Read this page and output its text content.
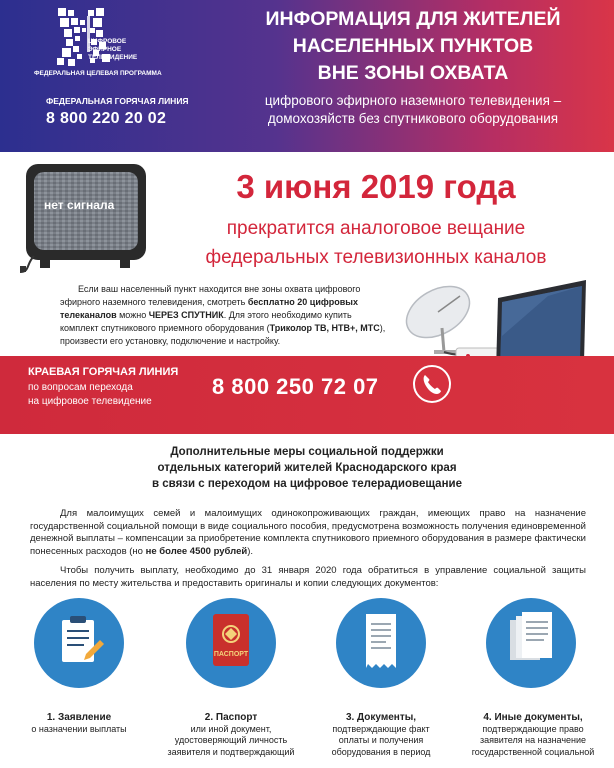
ЦИФРОВОЕ
ЭФИРНОЕ
ТЕЛЕВИДЕНИЕ
ФЕДЕРАЛЬНАЯ ЦЕЛЕВАЯ ПРОГРАММА
ФЕДЕРАЛЬНАЯ ГОРЯЧАЯ ЛИНИЯ
8 800 220 20 02
ИНФОРМАЦИЯ ДЛЯ ЖИТЕЛЕЙ
НАСЕЛЕННЫХ ПУНКТОВ
ВНЕ ЗОНЫ ОХВАТА
цифрового эфирного наземного телевидения –
домохозяйств без спутникового оборудования
нет сигнала	3 июня 2019 года
прекратится аналоговое вещание
федеральных телевизионных каналов
Если ваш населенный пункт находится вне зоны охвата цифрового эфирного наземного телевидения, смотреть бесплатно 20 цифровых телеканалов можно ЧЕРЕЗ СПУТНИК. Для этого необходимо купить комплект спутникового приемного оборудования (Триколор ТВ, НТВ+, МТС), произвести его установку, подключение и настройку.
КРАЕВАЯ ГОРЯЧАЯ ЛИНИЯ
по вопросам перехода
на цифровое телевидение
8 800 250 72 07
Дополнительные меры социальной поддержки
отдельных категорий жителей Краснодарского края
в связи с переходом на цифровое телерадиовещание
Для малоимущих семей и малоимущих одинокопроживающих граждан, имеющих право на назначение государственной социальной помощи в виде социального пособия, предусмотрена возможность получения единовременной денежной выплаты – компенсации за приобретение комплекта спутникового приемного оборудования в размере фактически понесенных расходов (но не более 4500 рублей).
Чтобы получить выплату, необходимо до 31 января 2020 года обратиться в управление социальной защиты населения по месту жительства и предоставить оригиналы и копии следующих документов:
ПАСПОРТ
1. Заявление
о назначении выплаты
2. Паспорт
или иной документ,
удостоверяющий личность
заявителя и подтверждающий
3. Документы,
подтверждающие факт
оплаты и получения
оборудования в период
4. Иные документы,
подтверждающие право
заявителя на назначение
государственной социальной
